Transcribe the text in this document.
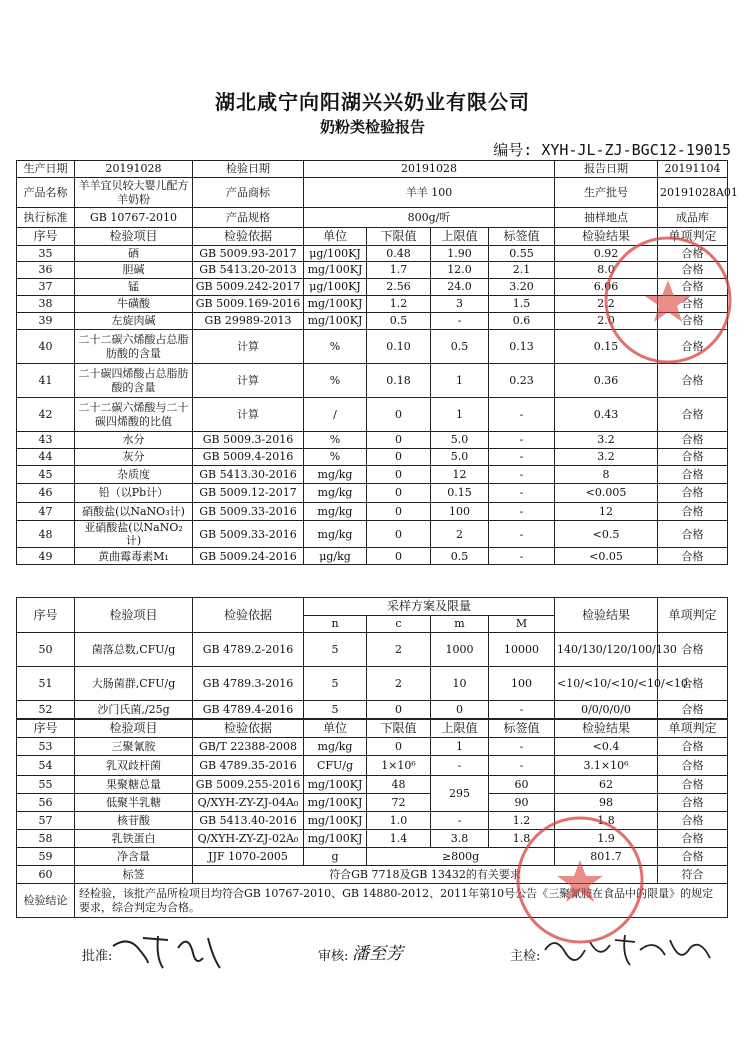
湖北咸宁向阳湖兴兴奶业有限公司
奶粉类检验报告
编号: XYH-JL-ZJ-BGC12-19015
生产日期	20191028	检验日期	20191028				报告日期	20191104
产品名称	羊羊宜贝较大婴儿配方羊奶粉	产品商标	羊羊 100				生产批号	20191028A01
执行标准	GB 10767-2010	产品规格	800g/听				抽样地点	成品库
序号	检验项目	检验依据	单位	下限值	上限值	标签值	检验结果	单项判定
35	硒	GB 5009.93-2017	μg/100KJ	0.48	1.90	0.55	0.92	合格
36	胆碱	GB 5413.20-2013	mg/100KJ	1.7	12.0	2.1	8.0	合格
37	锰	GB 5009.242-2017	μg/100KJ	2.56	24.0	3.20	6.06	合格
38	牛磺酸	GB 5009.169-2016	mg/100KJ	1.2	3	1.5	2.2	合格
39	左旋肉碱	GB 29989-2013	mg/100KJ	0.5	-	0.6	2.0	合格
40	二十二碳六烯酸占总脂肪酸的含量	计算	%	0.10	0.5	0.13	0.15	合格
41	二十碳四烯酸占总脂肪酸的含量	计算	%	0.18	1	0.23	0.36	合格
42	二十二碳六烯酸与二十碳四烯酸的比值	计算	/	0	1	-	0.43	合格
43	水分	GB 5009.3-2016	%	0	5.0	-	3.2	合格
44	灰分	GB 5009.4-2016	%	0	5.0	-	3.2	合格
45	杂质度	GB 5413.30-2016	mg/kg	0	12	-	8	合格
46	铅（以Pb计）	GB 5009.12-2017	mg/kg	0	0.15	-	<0.005	合格
47	硝酸盐(以NaNO₃计)	GB 5009.33-2016	mg/kg	0	100	-	12	合格
48	亚硝酸盐(以NaNO₂计)	GB 5009.33-2016	mg/kg	0	2	-	<0.5	合格
49	黄曲霉毒素M₁	GB 5009.24-2016	μg/kg	0	0.5	-	<0.05	合格
序号	检验项目	检验依据	采样方案及限量				检验结果	单项判定
			n	c	m	M		
50	菌落总数,CFU/g	GB 4789.2-2016	5	2	1000	10000	140/130/120/100/130	合格
51	大肠菌群,CFU/g	GB 4789.3-2016	5	2	10	100	<10/<10/<10/<10/<10	合格
52	沙门氏菌,/25g	GB 4789.4-2016	5	0	0	-	0/0/0/0/0	合格
序号	检验项目	检验依据	单位	下限值	上限值	标签值	检验结果	单项判定
53	三聚氰胺	GB/T 22388-2008	mg/kg	0	1	-	<0.4	合格
54	乳双歧杆菌	GB 4789.35-2016	CFU/g	1×10⁶	-	-	3.1×10⁶	合格
55	果聚糖总量	GB 5009.255-2016	mg/100KJ	48	295	60	62	合格
56	低聚半乳糖	Q/XYH-ZY-ZJ-04A₀	mg/100KJ	72		90	98	合格
57	核苷酸	GB 5413.40-2016	mg/100KJ	1.0	-	1.2	1.8	合格
58	乳铁蛋白	Q/XYH-ZY-ZJ-02A₀	mg/100KJ	1.4	3.8	1.8	1.9	合格
59	净含量	JJF 1070-2005	g	≥800g			801.7	合格
60	标签	符合GB 7718及GB 13432的有关要求						符合
检验结论	经检验，该批产品所检项目均符合GB 10767-2010、GB 14880-2012、2011年第10号公告《三聚氰胺在食品中的限量》的规定要求，综合判定为合格。							
批准:	审核:	主检:
潘至芳
